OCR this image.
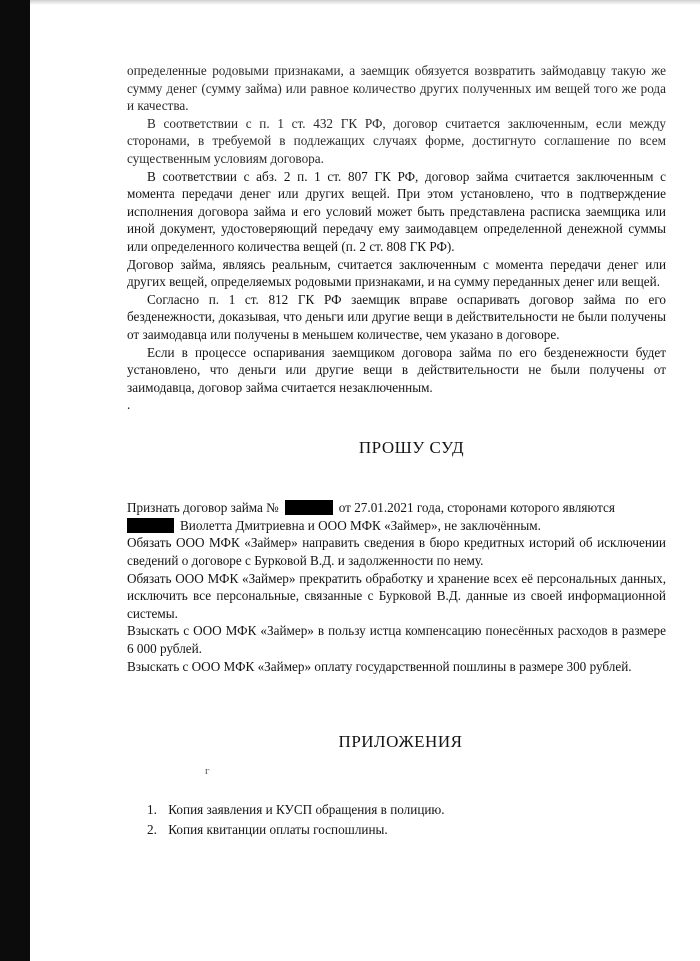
определенные родовыми признаками, а заемщик обязуется возвратить займодавцу такую же сумму денег (сумму займа) или равное количество других полученных им вещей того же рода и качества.

В соответствии с п. 1 ст. 432 ГК РФ, договор считается заключенным, если между сторонами, в требуемой в подлежащих случаях форме, достигнуто соглашение по всем существенным условиям договора.

В соответствии с абз. 2 п. 1 ст. 807 ГК РФ, договор займа считается заключенным с момента передачи денег или других вещей. При этом установлено, что в подтверждение исполнения договора займа и его условий может быть представлена расписка заемщика или иной документ, удостоверяющий передачу ему заимодавцем определенной денежной суммы или определенного количества вещей (п. 2 ст. 808 ГК РФ).

Договор займа, являясь реальным, считается заключенным с момента передачи денег или других вещей, определяемых родовыми признаками, и на сумму переданных денег или вещей.

Согласно п. 1 ст. 812 ГК РФ заемщик вправе оспаривать договор займа по его безденежности, доказывая, что деньги или другие вещи в действительности не были получены от заимодавца или получены в меньшем количестве, чем указано в договоре.

Если в процессе оспаривания заемщиком договора займа по его безденежности будет установлено, что деньги или другие вещи в действительности не были получены от заимодавца, договор займа считается незаключенным.

.

ПРОШУ СУД

Признать договор займа №	от 27.01.2021 года, сторонами которого являются
Виолетта Дмитриевна и ООО МФК «Займер», не заключённым.

Обязать ООО МФК «Займер» направить сведения в бюро кредитных историй об исключении сведений о договоре с Бурковой В.Д. и задолженности по нему.

Обязать ООО МФК «Займер» прекратить обработку и хранение всех её персональных данных, исключить все персональные, связанные с Бурковой В.Д. данные из своей информационной системы.

Взыскать с ООО МФК «Займер» в пользу истца компенсацию понесённых расходов в размере 6 000 рублей.

Взыскать с ООО МФК «Займер» оплату государственной пошлины в размере 300 рублей.

ПРИЛОЖЕНИЯ

г

1. Копия заявления и КУСП обращения в полицию.
2. Копия квитанции оплаты госпошлины.
